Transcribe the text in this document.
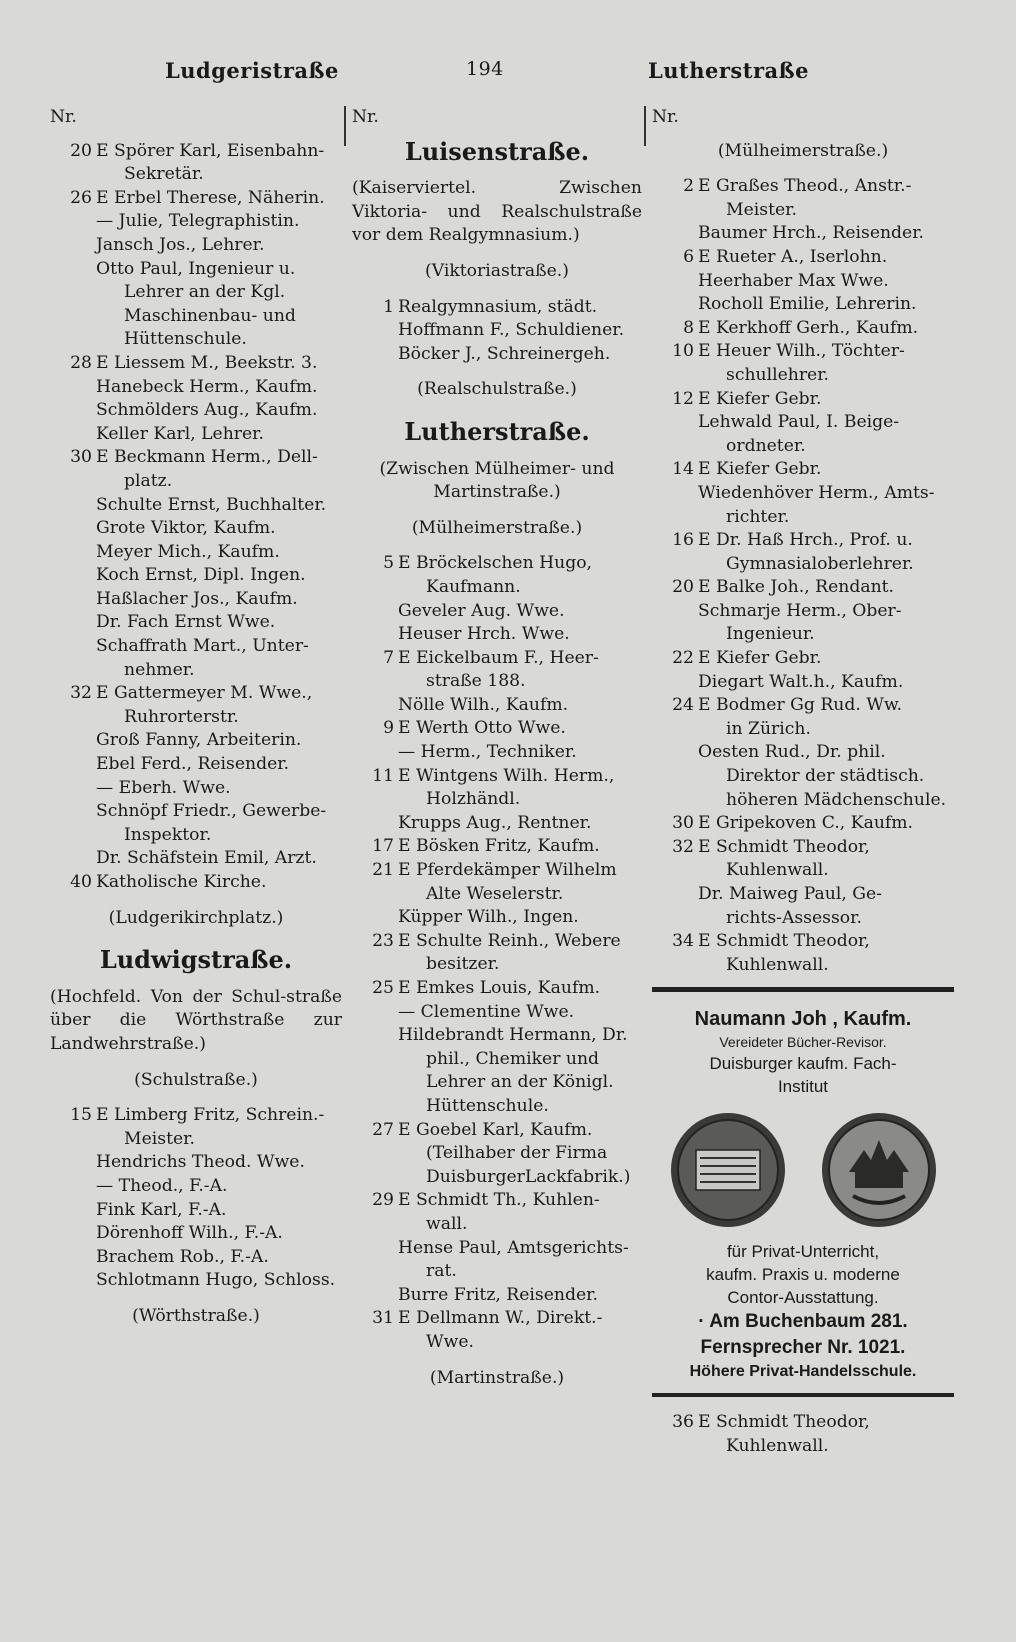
Ludgeristraße	194	Lutherstraße
Nr.
20 E Spörer Karl, Eisenbahn-
Sekretär.
26 E Erbel Therese, Näherin.
— Julie, Telegraphistin.
Jansch Jos., Lehrer.
Otto Paul, Ingenieur u.
Lehrer an der Kgl.
Maschinenbau- und
Hüttenschule.
28 E Liessem M., Beekstr. 3.
Hanebeck Herm., Kaufm.
Schmölders Aug., Kaufm.
Keller Karl, Lehrer.
30 E Beckmann Herm., Dell-
platz.
Schulte Ernst, Buchhalter.
Grote Viktor, Kaufm.
Meyer Mich., Kaufm.
Koch Ernst, Dipl. Ingen.
Haßlacher Jos., Kaufm.
Dr. Fach Ernst Wwe.
Schaffrath Mart., Unter-
nehmer.
32 E Gattermeyer M. Wwe.,
Ruhrorterstr.
Groß Fanny, Arbeiterin.
Ebel Ferd., Reisender.
— Eberh. Wwe.
Schnöpf Friedr., Gewerbe-
Inspektor.
Dr. Schäfstein Emil, Arzt.
40 Katholische Kirche.
(Ludgerikirchplatz.)
Ludwigstraße.
(Hochfeld. Von der Schul-straße über die Wörthstraße zur Landwehrstraße.)
(Schulstraße.)
15 E Limberg Fritz, Schrein.-
Meister.
Hendrichs Theod. Wwe.
— Theod., F.-A.
Fink Karl, F.-A.
Dörenhoff Wilh., F.-A.
Brachem Rob., F.-A.
Schlotmann Hugo, Schloss.
(Wörthstraße.)
Nr.
Luisenstraße.
(Kaiserviertel. Zwischen Viktoria- und Realschulstraße vor dem Realgymnasium.)
(Viktoriastraße.)
1 Realgymnasium, städt.
Hoffmann F., Schuldiener.
Böcker J., Schreinergeh.
(Realschulstraße.)
Lutherstraße.
(Zwischen Mülheimer- und Martinstraße.)
(Mülheimerstraße.)
5 E Bröckelschen Hugo,
Kaufmann.
Geveler Aug. Wwe.
Heuser Hrch. Wwe.
7 E Eickelbaum F., Heer-
straße 188.
Nölle Wilh., Kaufm.
9 E Werth Otto Wwe.
— Herm., Techniker.
11 E Wintgens Wilh. Herm.,
Holzhändl.
Krupps Aug., Rentner.
17 E Bösken Fritz, Kaufm.
21 E Pferdekämper Wilhelm
Alte Weselerstr.
Küpper Wilh., Ingen.
23 E Schulte Reinh., Webere
besitzer.
25 E Emkes Louis, Kaufm.
— Clementine Wwe.
Hildebrandt Hermann, Dr.
phil., Chemiker und
Lehrer an der Königl.
Hüttenschule.
27 E Goebel Karl, Kaufm.
(Teilhaber der Firma
DuisburgerLackfabrik.)
29 E Schmidt Th., Kuhlen-
wall.
Hense Paul, Amtsgerichts-
rat.
Burre Fritz, Reisender.
31 E Dellmann W., Direkt.-
Wwe.
(Martinstraße.)
Nr.
(Mülheimerstraße.)
2 E Graßes Theod., Anstr.-
Meister.
Baumer Hrch., Reisender.
6 E Rueter A., Iserlohn.
Heerhaber Max Wwe.
Rocholl Emilie, Lehrerin.
8 E Kerkhoff Gerh., Kaufm.
10 E Heuer Wilh., Töchter-
schullehrer.
12 E Kiefer Gebr.
Lehwald Paul, I. Beige-
ordneter.
14 E Kiefer Gebr.
Wiedenhöver Herm., Amts-
richter.
16 E Dr. Haß Hrch., Prof. u.
Gymnasialoberlehrer.
20 E Balke Joh., Rendant.
Schmarje Herm., Ober-
Ingenieur.
22 E Kiefer Gebr.
Diegart Walt.h., Kaufm.
24 E Bodmer Gg Rud. Ww.
in Zürich.
Oesten Rud., Dr. phil.
Direktor der städtisch.
höheren Mädchenschule.
30 E Gripekoven C., Kaufm.
32 E Schmidt Theodor,
Kuhlenwall.
Dr. Maiweg Paul, Ge-
richts-Assessor.
34 E Schmidt Theodor,
Kuhlenwall.
Naumann Joh , Kaufm.
Vereideter Bücher-Revisor.
Duisburger kaufm. Fach-
Institut
für Privat-Unterricht,
kaufm. Praxis u. moderne
Contor-Ausstattung.
· Am Buchenbaum 281.
Fernsprecher Nr. 1021.
Höhere Privat-Handelsschule.
36 E Schmidt Theodor,
Kuhlenwall.
